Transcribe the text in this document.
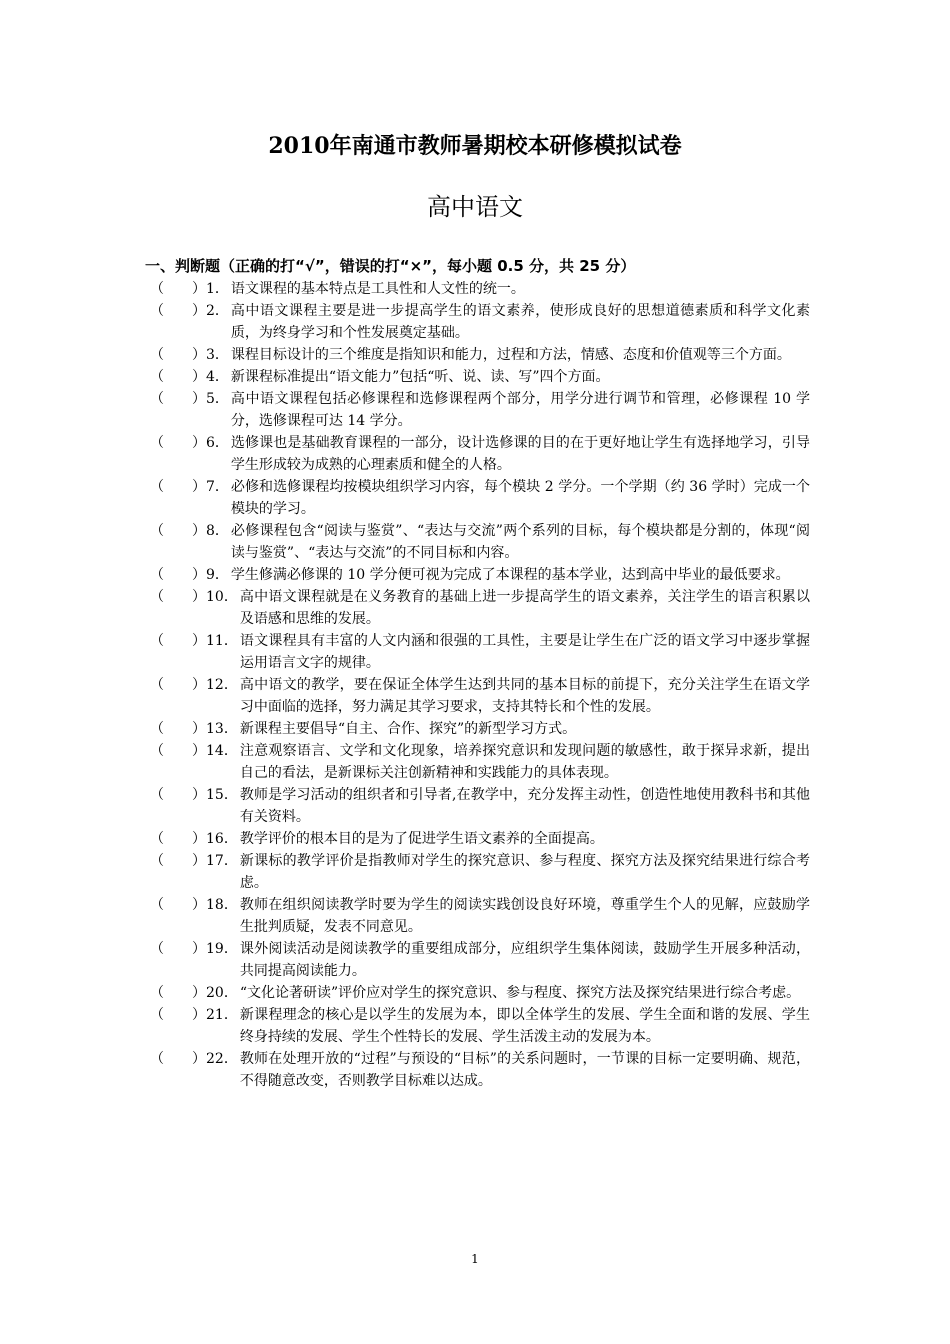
2010年南通市教师暑期校本研修模拟试卷
高中语文
一、判断题（正确的打“√”，错误的打“×”，每小题 0.5 分，共 25 分）
（　　） 1． 语文课程的基本特点是工具性和人文性的统一。
（　　） 2． 高中语文课程主要是进一步提高学生的语文素养，使形成良好的思想道德素质和科学文化素质，为终身学习和个性发展奠定基础。
（　　） 3． 课程目标设计的三个维度是指知识和能力，过程和方法，情感、态度和价值观等三个方面。
（　　） 4． 新课程标准提出“语文能力”包括“听、说、读、写”四个方面。
（　　） 5． 高中语文课程包括必修课程和选修课程两个部分，用学分进行调节和管理，必修课程 10 学分，选修课程可达 14 学分。
（　　） 6． 选修课也是基础教育课程的一部分，设计选修课的目的在于更好地让学生有选择地学习，引导学生形成较为成熟的心理素质和健全的人格。
（　　） 7． 必修和选修课程均按模块组织学习内容，每个模块 2 学分。一个学期（约 36 学时）完成一个模块的学习。
（　　） 8． 必修课程包含“阅读与鉴赏”、“表达与交流”两个系列的目标，每个模块都是分割的，体现“阅读与鉴赏”、“表达与交流”的不同目标和内容。
（　　） 9． 学生修满必修课的 10 学分便可视为完成了本课程的基本学业，达到高中毕业的最低要求。
（　　） 10． 高中语文课程就是在义务教育的基础上进一步提高学生的语文素养，关注学生的语言积累以及语感和思维的发展。
（　　） 11． 语文课程具有丰富的人文内涵和很强的工具性，主要是让学生在广泛的语文学习中逐步掌握运用语言文字的规律。
（　　） 12． 高中语文的教学，要在保证全体学生达到共同的基本目标的前提下，充分关注学生在语文学习中面临的选择，努力满足其学习要求，支持其特长和个性的发展。
（　　） 13． 新课程主要倡导“自主、合作、探究”的新型学习方式。
（　　） 14． 注意观察语言、文学和文化现象，培养探究意识和发现问题的敏感性，敢于探异求新，提出自己的看法，是新课标关注创新精神和实践能力的具体表现。
（　　） 15． 教师是学习活动的组织者和引导者,在教学中，充分发挥主动性，创造性地使用教科书和其他有关资料。
（　　） 16． 教学评价的根本目的是为了促进学生语文素养的全面提高。
（　　） 17． 新课标的教学评价是指教师对学生的探究意识、参与程度、探究方法及探究结果进行综合考虑。
（　　） 18． 教师在组织阅读教学时要为学生的阅读实践创设良好环境，尊重学生个人的见解，应鼓励学生批判质疑，发表不同意见。
（　　） 19． 课外阅读活动是阅读教学的重要组成部分，应组织学生集体阅读，鼓励学生开展多种活动，共同提高阅读能力。
（　　） 20． “文化论著研读”评价应对学生的探究意识、参与程度、探究方法及探究结果进行综合考虑。
（　　） 21． 新课程理念的核心是以学生的发展为本，即以全体学生的发展、学生全面和谐的发展、学生终身持续的发展、学生个性特长的发展、学生活泼主动的发展为本。
（　　） 22． 教师在处理开放的“过程”与预设的“目标”的关系问题时，一节课的目标一定要明确、规范，不得随意改变，否则教学目标难以达成。
1
